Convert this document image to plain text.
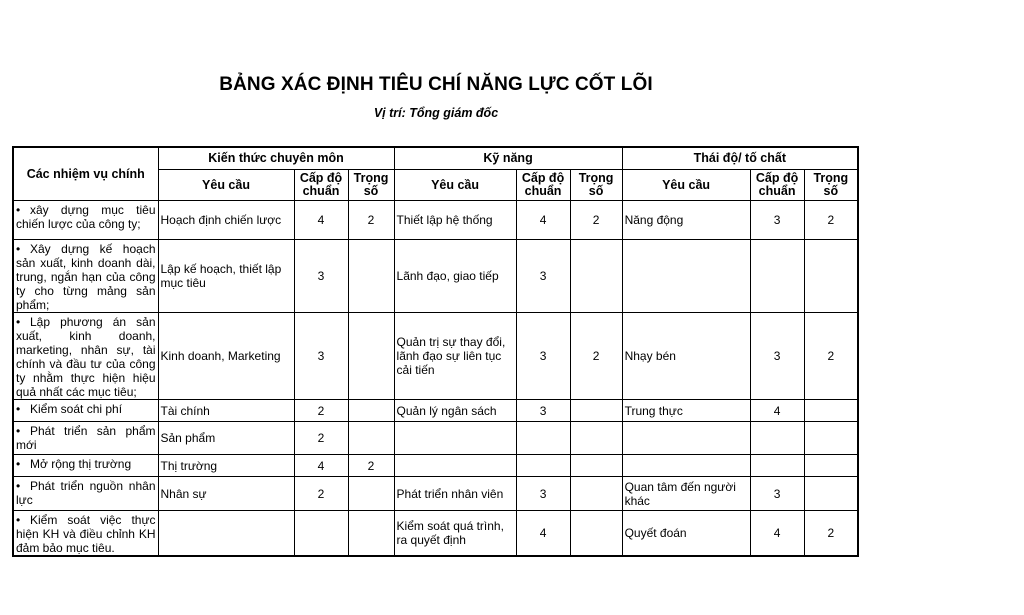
BẢNG XÁC ĐỊNH TIÊU CHÍ NĂNG LỰC CỐT LÕI
Vị trí: Tổng giám đốc
Các nhiệm vụ chính	Kiến thức chuyên môn			Kỹ năng			Thái độ/ tố chất		
	Yêu cầu	Cấp độ chuẩn	Trọng số	Yêu cầu	Cấp độ chuẩn	Trọng số	Yêu cầu	Cấp độ chuẩn	Trọng số
• xây dựng mục tiêu chiến lược của công ty;	Hoạch định chiến lược	4	2	Thiết lập hệ thống	4	2	Năng động	3	2
• Xây dựng kế hoạch sản xuất, kinh doanh dài, trung, ngắn hạn của công ty cho từng mảng sản phẩm;	Lập kế hoạch, thiết lập mục tiêu	3		Lãnh đạo, giao tiếp	3				
• Lập phương án sản xuất, kinh doanh, marketing, nhân sự, tài chính và đầu tư của công ty nhằm thực hiện hiệu quả nhất các mục tiêu;	Kinh doanh, Marketing	3		Quản trị sự thay đổi, lãnh đạo sự liên tục cải tiến	3	2	Nhạy bén	3	2
• Kiểm soát chi phí	Tài chính	2		Quản lý ngân sách	3		Trung thực	4	
• Phát triển sản phẩm mới	Sản phẩm	2							
• Mở rộng thị trường	Thị trường	4	2						
• Phát triển nguồn nhân lực	Nhân sự	2		Phát triển nhân viên	3		Quan tâm đến người khác	3	
• Kiểm soát việc thực hiện KH và điều chỉnh KH đảm bảo mục tiêu.				Kiểm soát quá trình, ra quyết định	4		Quyết đoán	4	2
